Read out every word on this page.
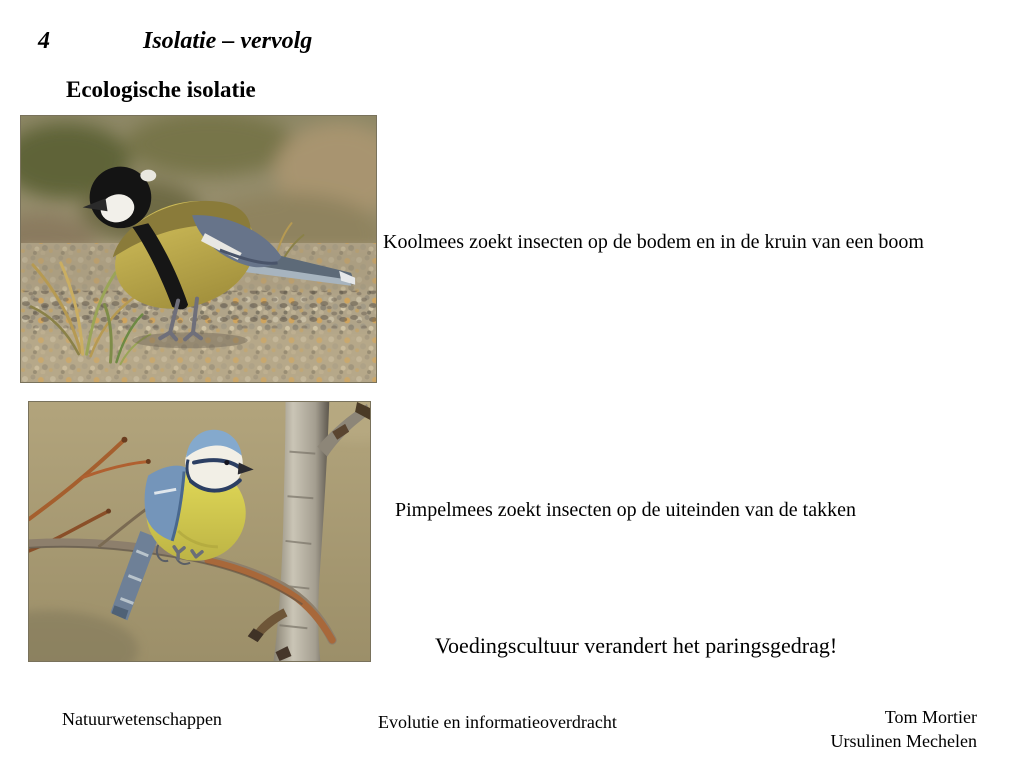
4	Isolatie – vervolg
Ecologische isolatie
Koolmees zoekt insecten op de bodem en in de kruin van een boom
Pimpelmees zoekt insecten op de uiteinden van de takken
Voedingscultuur verandert het paringsgedrag!
Natuurwetenschappen	Evolutie en informatieoverdracht	Tom Mortier
Ursulinen Mechelen
